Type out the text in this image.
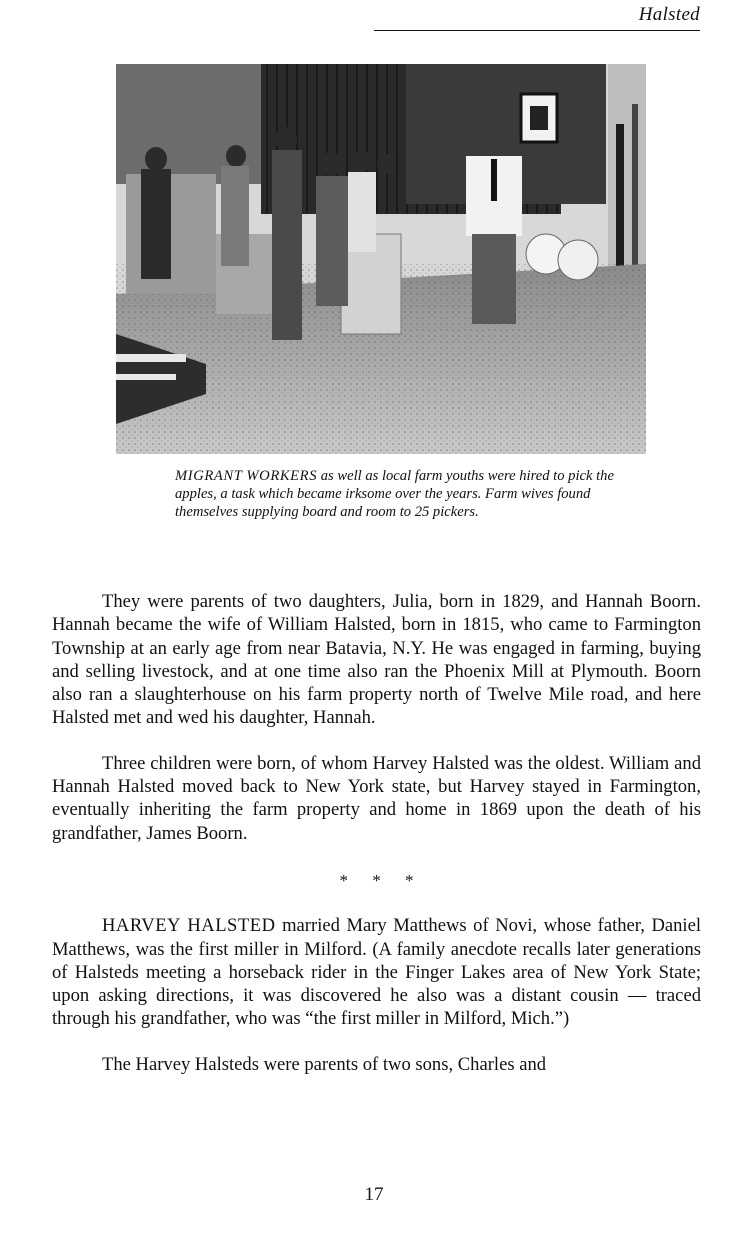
Halsted
MIGRANT WORKERS as well as local farm youths were hired to pick the apples, a task which became irksome over the years. Farm wives found themselves supplying board and room to 25 pickers.

They were parents of two daughters, Julia, born in 1829, and Hannah Boorn. Hannah became the wife of William Halsted, born in 1815, who came to Farmington Township at an early age from near Batavia, N.Y. He was engaged in farming, buying and selling livestock, and at one time also ran the Phoenix Mill at Plymouth. Boorn also ran a slaughterhouse on his farm property north of Twelve Mile road, and here Halsted met and wed his daughter, Hannah.

Three children were born, of whom Harvey Halsted was the oldest. William and Hannah Halsted moved back to New York state, but Harvey stayed in Farmington, eventually inheriting the farm property and home in 1869 upon the death of his grandfather, James Boorn.

* * *

HARVEY HALSTED married Mary Matthews of Novi, whose father, Daniel Matthews, was the first miller in Milford. (A family anecdote recalls later generations of Halsteds meeting a horseback rider in the Finger Lakes area of New York State; upon asking directions, it was discovered he also was a distant cousin — traced through his grandfather, who was “the first miller in Milford, Mich.”)

The Harvey Halsteds were parents of two sons, Charles and

17
